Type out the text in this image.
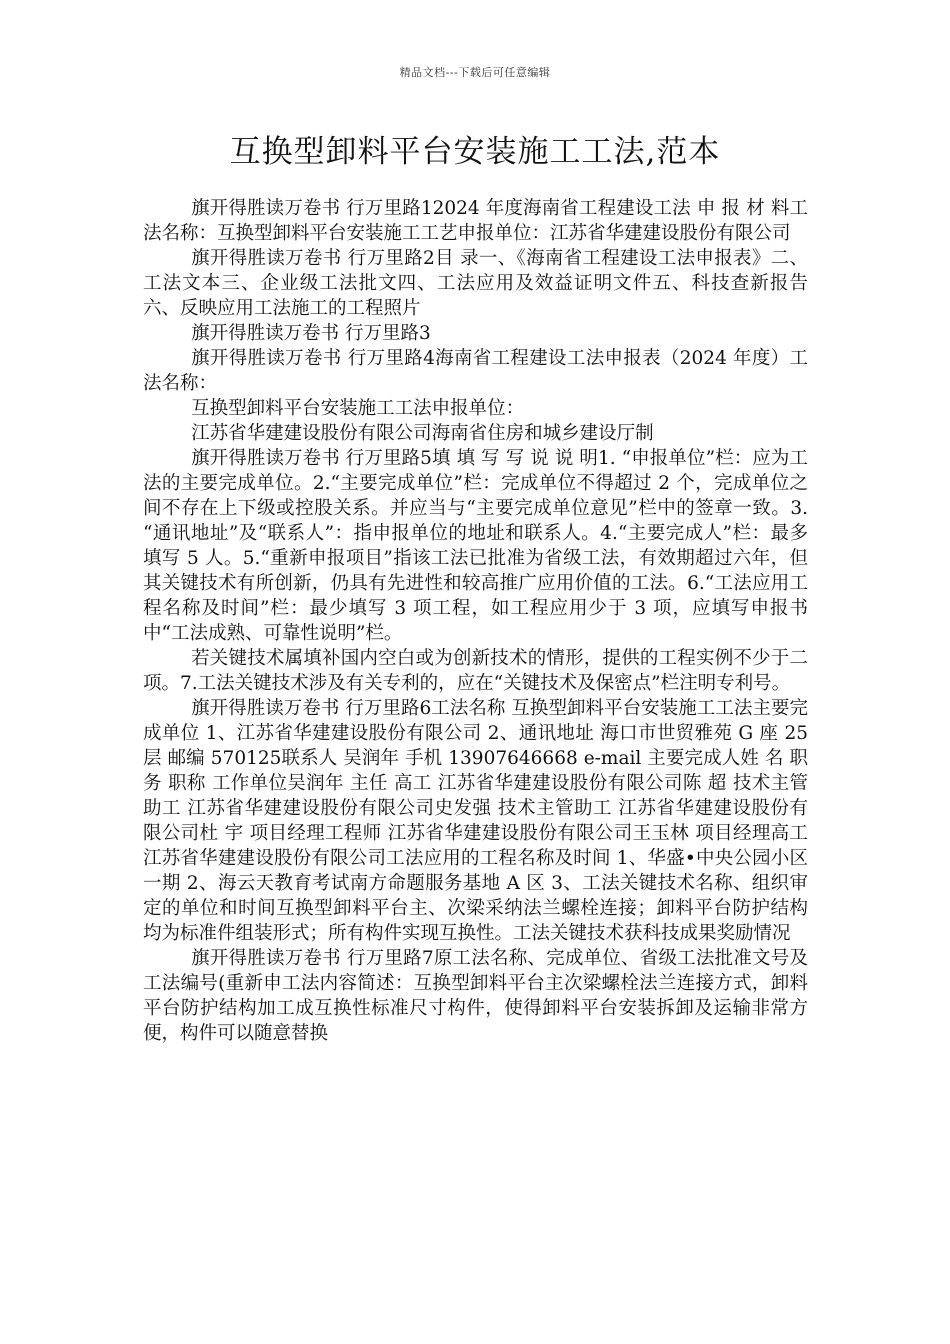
精品文档---下载后可任意编辑
互换型卸料平台安装施工工法,范本

旗开得胜读万卷书 行万里路12024 年度海南省工程建设工法 申 报 材 料工法名称：互换型卸料平台安装施工工艺申报单位：江苏省华建建设股份有限公司

旗开得胜读万卷书 行万里路2目 录一、《海南省工程建设工法申报表》二、工法文本三、企业级工法批文四、工法应用及效益证明文件五、科技查新报告六、反映应用工法施工的工程照片

旗开得胜读万卷书 行万里路3

旗开得胜读万卷书 行万里路4海南省工程建设工法申报表（2024 年度）工法名称：

互换型卸料平台安装施工工法申报单位：

江苏省华建建设股份有限公司海南省住房和城乡建设厅制

旗开得胜读万卷书 行万里路5填 填 写 写 说 说 明1. “申报单位”栏：应为工法的主要完成单位。2.“主要完成单位”栏：完成单位不得超过 2 个，完成单位之间不存在上下级或控股关系。并应当与“主要完成单位意见”栏中的签章一致。3. “通讯地址”及“联系人”：指申报单位的地址和联系人。4.“主要完成人”栏：最多填写 5 人。5.“重新申报项目”指该工法已批准为省级工法，有效期超过六年，但其关键技术有所创新，仍具有先进性和较高推广应用价值的工法。6.“工法应用工程名称及时间”栏：最少填写 3 项工程，如工程应用少于 3 项，应填写申报书中“工法成熟、可靠性说明”栏。

若关键技术属填补国内空白或为创新技术的情形，提供的工程实例不少于二项。7.工法关键技术涉及有关专利的，应在“关键技术及保密点”栏注明专利号。

旗开得胜读万卷书 行万里路6工法名称 互换型卸料平台安装施工工法主要完成单位 1、江苏省华建建设股份有限公司 2、通讯地址 海口市世贸雅苑 G 座 25 层 邮编 570125联系人 吴润年 手机 13907646668 e-mail 主要完成人姓 名 职务 职称 工作单位吴润年 主任 高工 江苏省华建建设股份有限公司陈 超 技术主管助工 江苏省华建建设股份有限公司史发强 技术主管助工 江苏省华建建设股份有限公司杜 宇 项目经理工程师 江苏省华建建设股份有限公司王玉林 项目经理高工 江苏省华建建设股份有限公司工法应用的工程名称及时间 1、华盛•中央公园小区一期 2、海云天教育考试南方命题服务基地 A 区 3、工法关键技术名称、组织审定的单位和时间互换型卸料平台主、次梁采纳法兰螺栓连接；卸料平台防护结构均为标准件组装形式；所有构件实现互换性。工法关键技术获科技成果奖励情况

旗开得胜读万卷书 行万里路7原工法名称、完成单位、省级工法批准文号及工法编号(重新申工法内容简述：互换型卸料平台主次梁螺栓法兰连接方式，卸料平台防护结构加工成互换性标准尺寸构件，使得卸料平台安装拆卸及运输非常方便，构件可以随意替换
